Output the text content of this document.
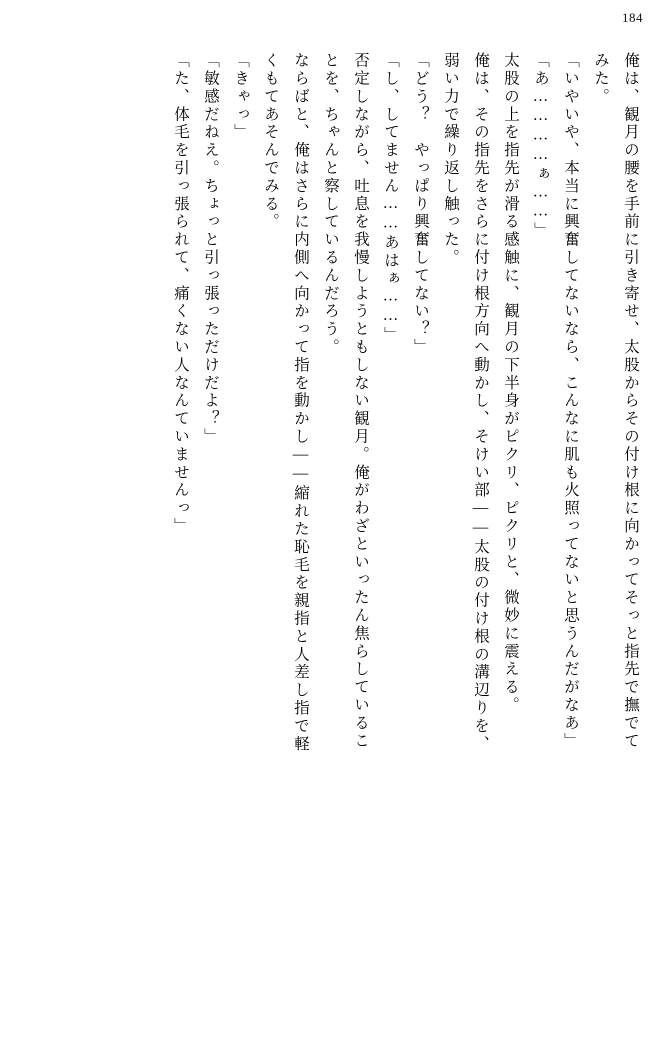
184
俺は、観月の腰を手前に引き寄せ、太股からその付け根に向かってそっと指先で撫でて
みた。
「いやいや、本当に興奮してないなら、こんなに肌も火照ってないと思うんだがなあ」
「あ…………ぁ……」
太股の上を指先が滑る感触に、観月の下半身がピクリ、ピクリと、微妙に震える。
俺は、その指先をさらに付け根方向へ動かし、そけい部――太股の付け根の溝辺りを、
弱い力で繰り返し触った。
「どう？　やっぱり興奮してない？」
「し、してません……あはぁ……」
否定しながら、吐息を我慢しようともしない観月。俺がわざといったん焦らしているこ
とを、ちゃんと察しているんだろう。
ならばと、俺はさらに内側へ向かって指を動かし――縮れた恥毛を親指と人差し指で軽
くもてあそんでみる。
「きゃっ」
「敏感だねえ。ちょっと引っ張っただけだよ？」
「た、体毛を引っ張られて、痛くない人なんていませんっ」
